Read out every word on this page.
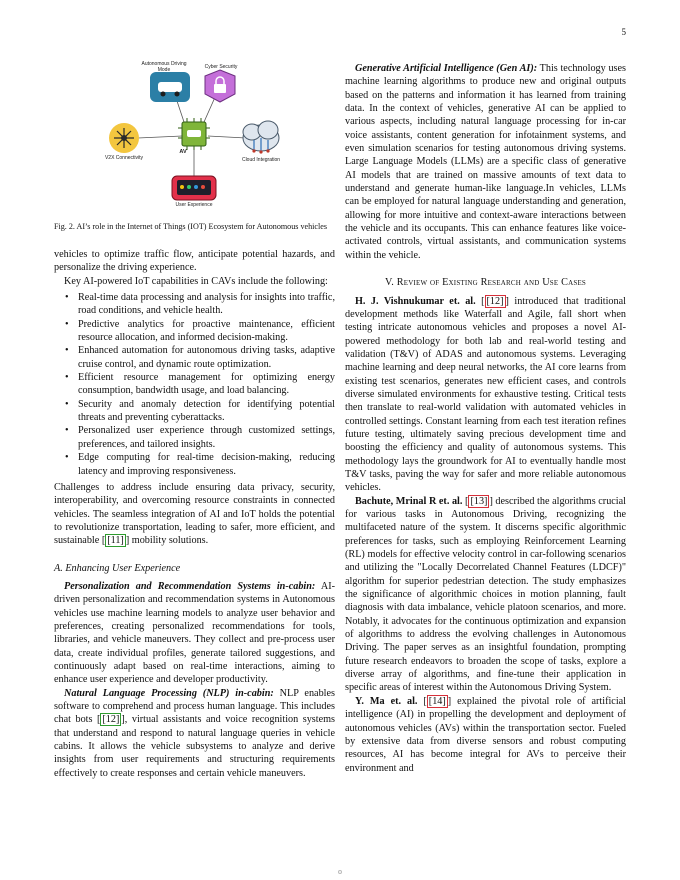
5
Autonomous Driving Mode	Cyber Security
V2X Connectivity
AV
Cloud Integration
User Experience

Fig. 2. AI’s role in the Internet of Things (IOT) Ecosystem for Autonomous vehicles

vehicles to optimize traffic flow, anticipate potential hazards, and personalize the driving experience.

Key AI-powered IoT capabilities in CAVs include the following:

• Real-time data processing and analysis for insights into traffic, road conditions, and vehicle health.
• Predictive analytics for proactive maintenance, efficient resource allocation, and informed decision-making.
• Enhanced automation for autonomous driving tasks, adaptive cruise control, and dynamic route optimization.
• Efficient resource management for optimizing energy consumption, bandwidth usage, and load balancing.
• Security and anomaly detection for identifying potential threats and preventing cyberattacks.
• Personalized user experience through customized settings, preferences, and tailored insights.
• Edge computing for real-time decision-making, reducing latency and improving responsiveness.

Challenges to address include ensuring data privacy, security, interoperability, and overcoming resource constraints in connected vehicles. The seamless integration of AI and IoT holds the potential to revolutionize transportation, leading to safer, more efficient, and sustainable [ [11] ] mobility solutions.

A. Enhancing User Experience

Personalization and Recommendation Systems in-cabin: AI-driven personalization and recommendation systems in Autonomous vehicles use machine learning models to analyze user behavior and preferences, creating personalized recommendations for tools, libraries, and vehicle maneuvers. They collect and pre-process user data, create individual profiles, generate tailored suggestions, and continuously adapt based on real-time interactions, aiming to enhance user experience and developer productivity.

Natural Language Processing (NLP) in-cabin: NLP enables software to comprehend and process human language. This includes chat bots [ [12] ], virtual assistants and voice recognition systems that understand and respond to natural language queries in vehicle cabins. It allows the vehicle subsystems to analyze and derive insights from user requirements and structuring requirements effectively to create responses and certain vehicle maneuvers.

Generative Artificial Intelligence (Gen AI): This technology uses machine learning algorithms to produce new and original outputs based on the patterns and information it has learned from training data. In the context of vehicles, generative AI can be applied to various aspects, including natural language processing for in-car voice assistants, content generation for infotainment systems, and even simulation scenarios for testing autonomous driving systems. Large Language Models (LLMs) are a specific class of generative AI models that are trained on massive amounts of text data to understand and generate human-like language.In vehicles, LLMs can be employed for natural language understanding and generation, allowing for more intuitive and context-aware interactions between the vehicle and its occupants. This can enhance features like voice-activated controls, virtual assistants, and communication systems within the vehicle.

V. Review of Existing Research and Use Cases

H. J. Vishnukumar et. al. [ [12] ] introduced that traditional development methods like Waterfall and Agile, fall short when testing intricate autonomous vehicles and proposes a novel AI-powered methodology for both lab and real-world testing and validation (T&V) of ADAS and autonomous systems. Leveraging machine learning and deep neural networks, the AI core learns from existing test scenarios, generates new efficient cases, and controls diverse simulated environments for exhaustive testing. Critical tests then translate to real-world validation with automated vehicles in controlled settings. Constant learning from each test iteration refines future testing, ultimately saving precious development time and boosting the efficiency and quality of autonomous systems. This methodology lays the groundwork for AI to eventually handle most T&V tasks, paving the way for safer and more reliable autonomous vehicles.

Bachute, Mrinal R et. al. [ [13] ] described the algorithms crucial for various tasks in Autonomous Driving, recognizing the multifaceted nature of the system. It discerns specific algorithmic preferences for tasks, such as employing Reinforcement Learning (RL) models for effective velocity control in car-following scenarios and utilizing the "Locally Decorrelated Channel Features (LDCF)" algorithm for superior pedestrian detection. The study emphasizes the significance of algorithmic choices in motion planning, fault diagnosis with data imbalance, vehicle platoon scenarios, and more. Notably, it advocates for the continuous optimization and expansion of algorithms to address the evolving challenges in Autonomous Driving. The paper serves as an insightful foundation, prompting future research endeavors to broaden the scope of tasks, explore a diverse array of algorithms, and fine-tune their application in specific areas of interest within the Autonomous Driving System.

Y. Ma et. al. [ [14] ] explained the pivotal role of artificial intelligence (AI) in propelling the development and deployment of autonomous vehicles (AVs) within the transportation sector. Fueled by extensive data from diverse sensors and robust computing resources, AI has become integral for AVs to perceive their environment and
